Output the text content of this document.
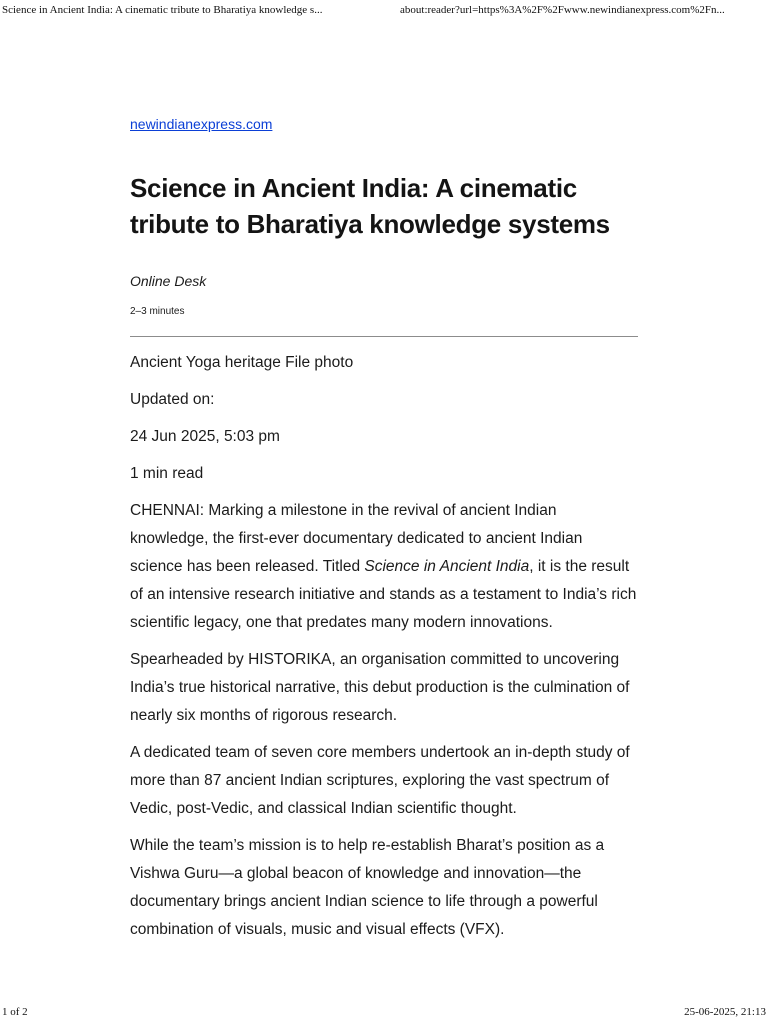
Science in Ancient India: A cinematic tribute to Bharatiya knowledge s...	about:reader?url=https%3A%2F%2Fwww.newindianexpress.com%2Fn...
newindianexpress.com
Science in Ancient India: A cinematic tribute to Bharatiya knowledge systems
Online Desk
2–3 minutes

Ancient Yoga heritage File photo

Updated on:

24 Jun 2025, 5:03 pm

1 min read

CHENNAI: Marking a milestone in the revival of ancient Indian knowledge, the first-ever documentary dedicated to ancient Indian science has been released. Titled Science in Ancient India, it is the result of an intensive research initiative and stands as a testament to India’s rich scientific legacy, one that predates many modern innovations.

Spearheaded by HISTORIKA, an organisation committed to uncovering India’s true historical narrative, this debut production is the culmination of nearly six months of rigorous research.

A dedicated team of seven core members undertook an in-depth study of more than 87 ancient Indian scriptures, exploring the vast spectrum of Vedic, post-Vedic, and classical Indian scientific thought.

While the team’s mission is to help re-establish Bharat’s position as a Vishwa Guru—a global beacon of knowledge and innovation—the documentary brings ancient Indian science to life through a powerful combination of visuals, music and visual effects (VFX).

1 of 2	25-06-2025, 21:13
